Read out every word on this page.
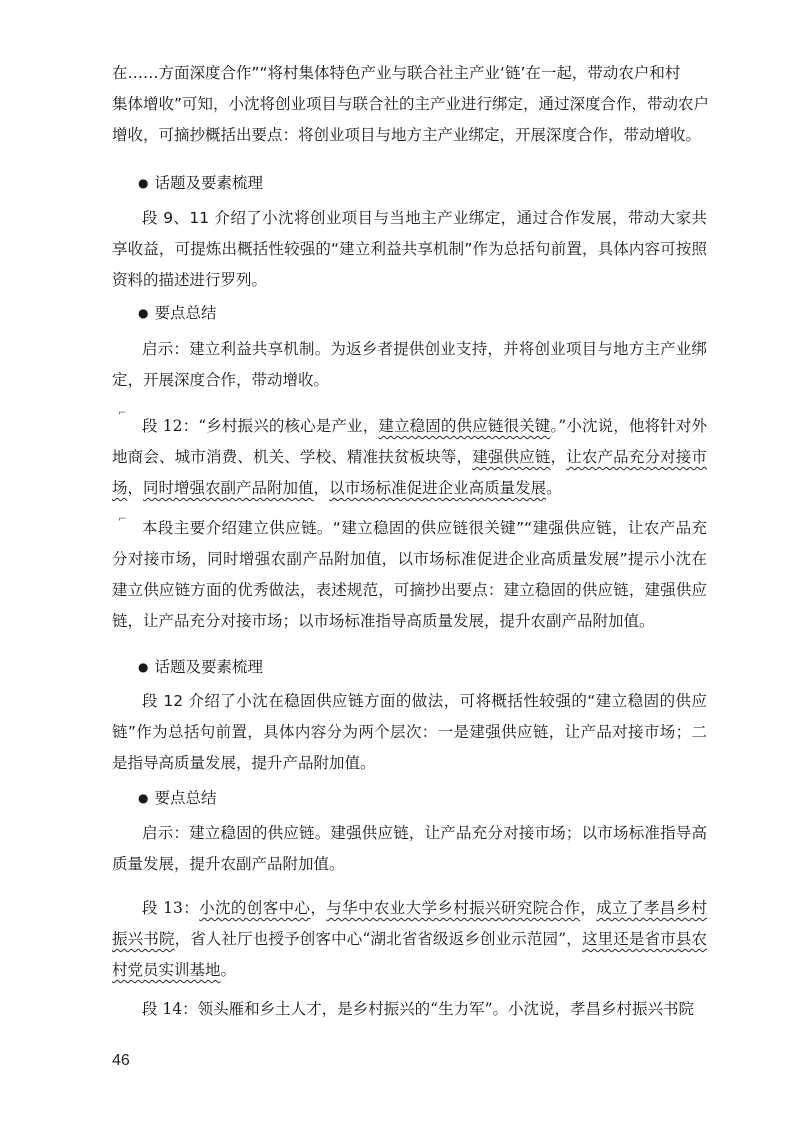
在……方面深度合作”“将村集体特色产业与联合社主产业‘链’在一起，带动农户和村
集体增收”可知，小沈将创业项目与联合社的主产业进行绑定，通过深度合作，带动农户
增收，可摘抄概括出要点：将创业项目与地方主产业绑定，开展深度合作，带动增收。
● 话题及要素梳理
段 9、11 介绍了小沈将创业项目与当地主产业绑定，通过合作发展，带动大家共享收益，可提炼出概括性较强的“建立利益共享机制”作为总括句前置，具体内容可按照资料的描述进行罗列。
● 要点总结
启示：建立利益共享机制。为返乡者提供创业支持，并将创业项目与地方主产业绑定，开展深度合作，带动增收。
⌐
段 12：“乡村振兴的核心是产业，建立稳固的供应链很关键。”小沈说，他将针对外地商会、城市消费、机关、学校、精准扶贫板块等，建强供应链，让农产品充分对接市场，同时增强农副产品附加值，以市场标准促进企业高质量发展。
⌐	本段主要介绍建立供应链。“建立稳固的供应链很关键”“建强供应链，让农产品充分对接市场，同时增强农副产品附加值，以市场标准促进企业高质量发展”提示小沈在建立供应链方面的优秀做法，表述规范，可摘抄出要点：建立稳固的供应链，建强供应链，让产品充分对接市场；以市场标准指导高质量发展，提升农副产品附加值。
● 话题及要素梳理
段 12 介绍了小沈在稳固供应链方面的做法，可将概括性较强的“建立稳固的供应链”作为总括句前置，具体内容分为两个层次：一是建强供应链，让产品对接市场；二是指导高质量发展，提升产品附加值。
● 要点总结
启示：建立稳固的供应链。建强供应链，让产品充分对接市场；以市场标准指导高质量发展，提升农副产品附加值。
段 13：小沈的创客中心，与华中农业大学乡村振兴研究院合作，成立了孝昌乡村振兴书院，省人社厅也授予创客中心“湖北省省级返乡创业示范园”，这里还是省市县农村党员实训基地。
段 14：领头雁和乡土人才，是乡村振兴的“生力军”。小沈说，孝昌乡村振兴书院
46
